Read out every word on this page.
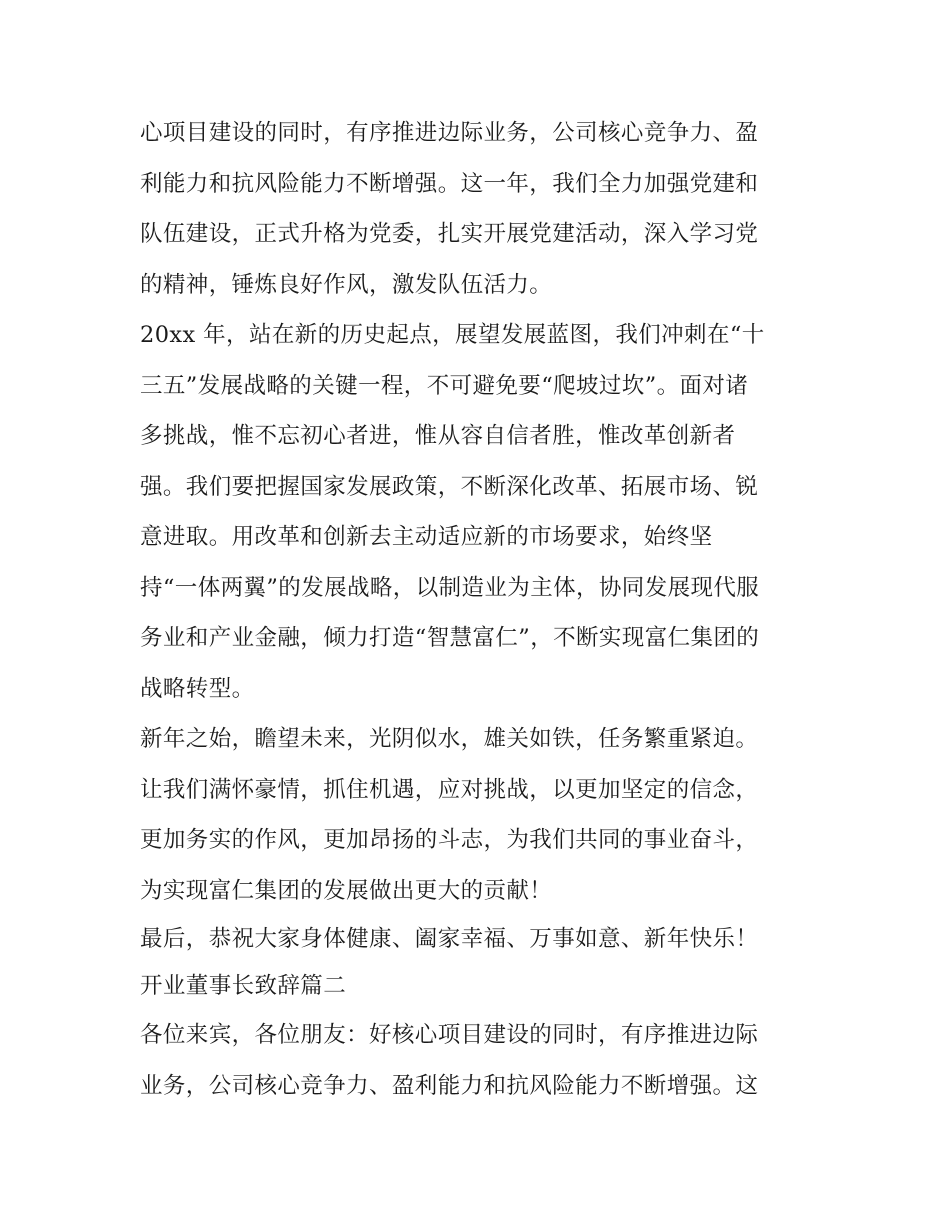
心项目建设的同时，有序推进边际业务，公司核心竞争力、盈
利能力和抗风险能力不断增强。这一年，我们全力加强党建和
队伍建设，正式升格为党委，扎实开展党建活动，深入学习党
的精神，锤炼良好作风，激发队伍活力。
20xx 年，站在新的历史起点，展望发展蓝图，我们冲刺在“十
三五”发展战略的关键一程，不可避免要“爬坡过坎”。面对诸
多挑战，惟不忘初心者进，惟从容自信者胜，惟改革创新者
强。我们要把握国家发展政策，不断深化改革、拓展市场、锐
意进取。用改革和创新去主动适应新的市场要求，始终坚
持“一体两翼”的发展战略，以制造业为主体，协同发展现代服
务业和产业金融，倾力打造“智慧富仁”，不断实现富仁集团的
战略转型。
新年之始，瞻望未来，光阴似水，雄关如铁，任务繁重紧迫。
让我们满怀豪情，抓住机遇，应对挑战，以更加坚定的信念，
更加务实的作风，更加昂扬的斗志，为我们共同的事业奋斗，
为实现富仁集团的发展做出更大的贡献！
最后，恭祝大家身体健康、阖家幸福、万事如意、新年快乐！
开业董事长致辞篇二
各位来宾，各位朋友：好核心项目建设的同时，有序推进边际
业务，公司核心竞争力、盈利能力和抗风险能力不断增强。这
